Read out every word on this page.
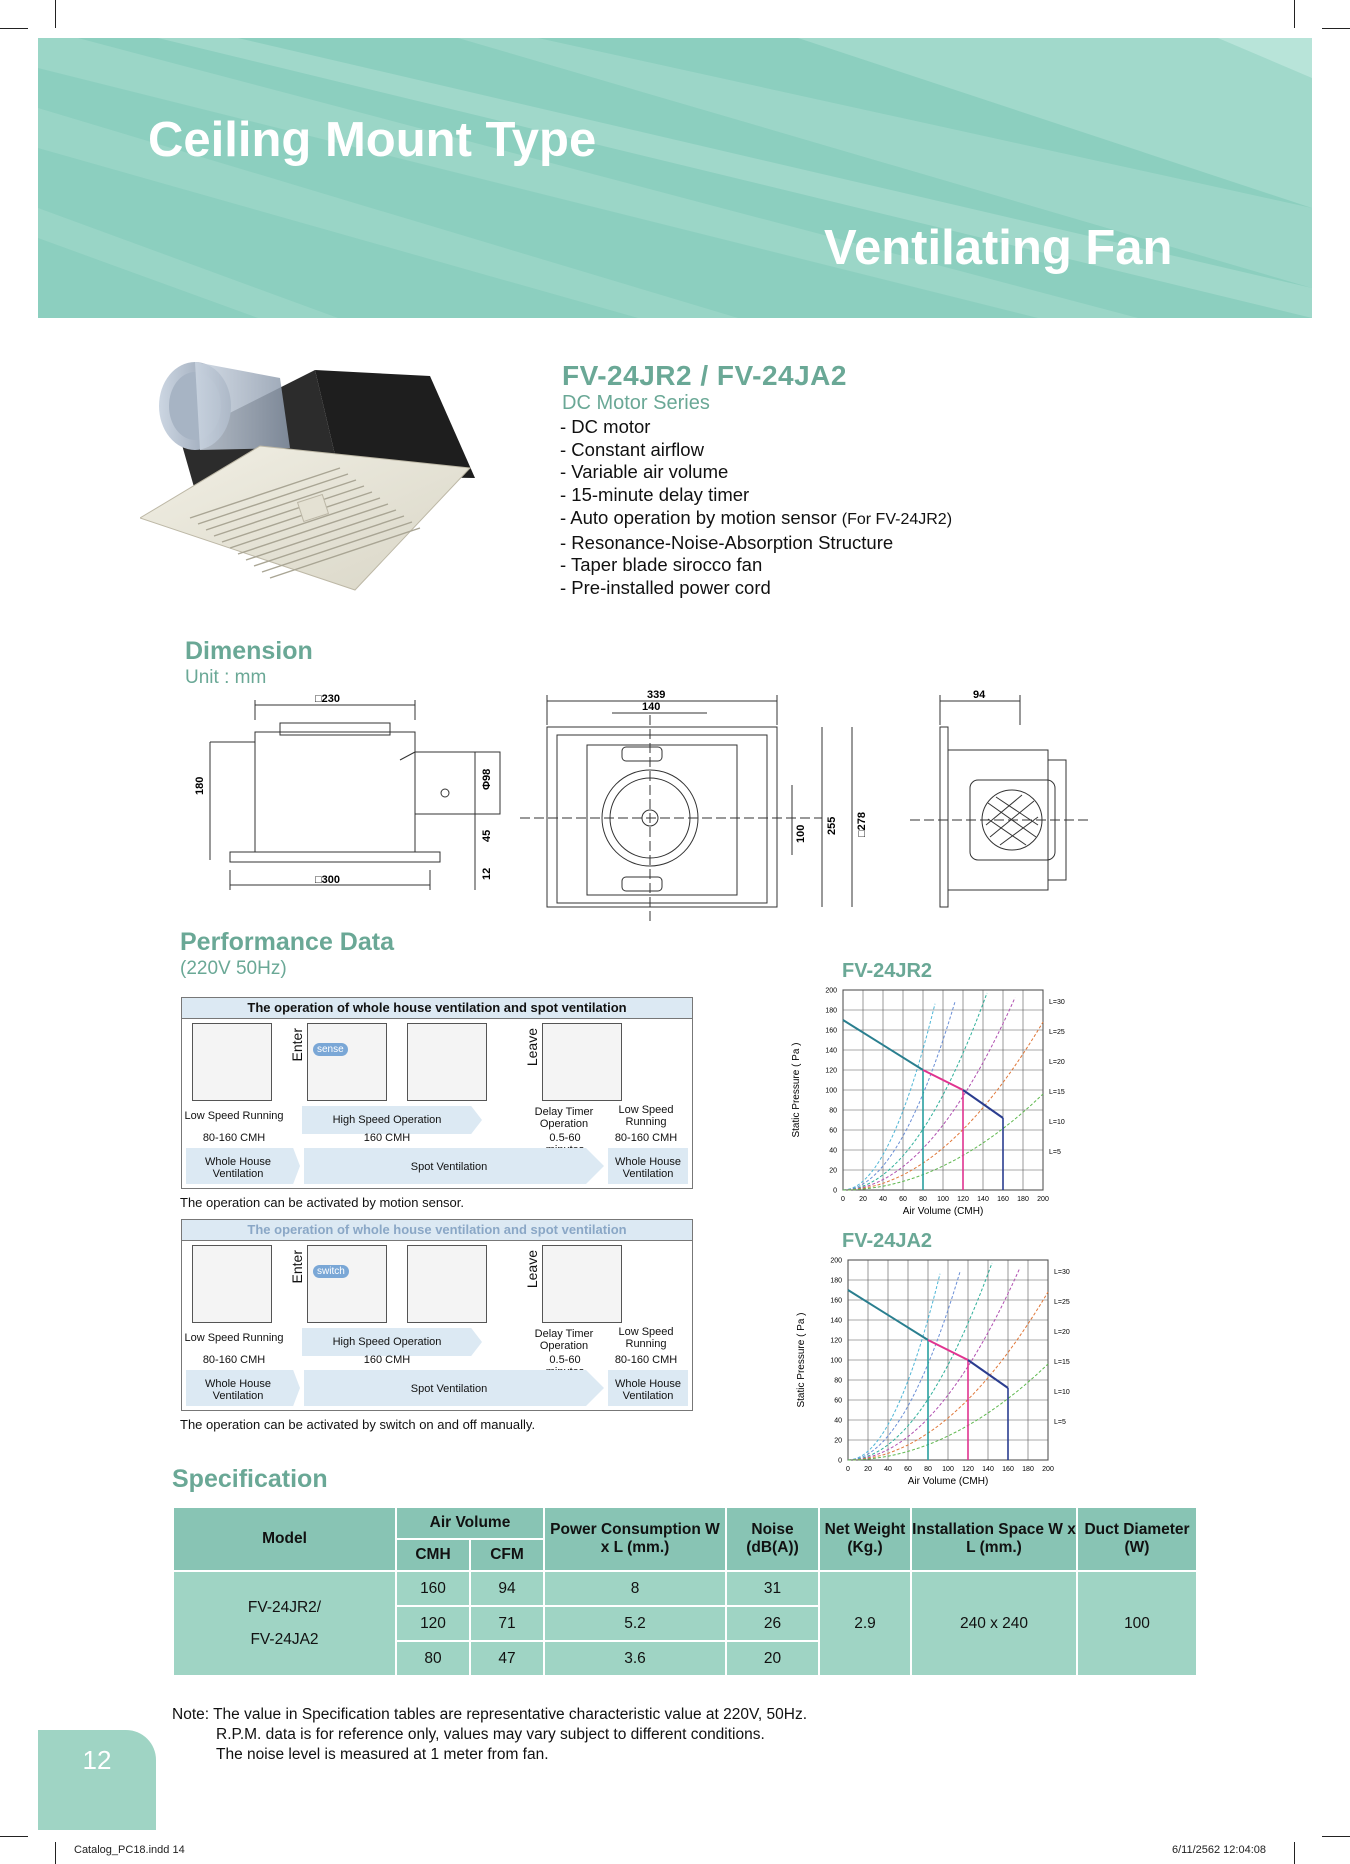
Ceiling Mount Type
Ventilating Fan
FV-24JR2 / FV-24JA2
DC Motor Series
- DC motor
- Constant airflow
- Variable air volume
- 15-minute delay timer
- Auto operation by motion sensor (For FV-24JR2)
- Resonance-Noise-Absorption Structure
- Taper blade sirocco fan
- Pre-installed power cord
Dimension
Unit : mm
□230
180	Φ98
45
12
□300
339
140
100 255 □278
94
Performance Data
(220V 50Hz)
The operation of whole house ventilation and spot ventilation
Enter	sense	Leave
Low Speed Running
80-160 CMH
High Speed Operation
160 CMH
Delay Timer Operation
0.5-60
Low Speed Running
80-160 CMH
Whole House Ventilation
Spot Ventilation	Whole House Ventilation
The operation can be activated by motion sensor.
The operation of whole house ventilation and spot ventilation
Enter	switch	Leave
Low Speed Running
80-160 CMH
High Speed Operation
160 CMH
Delay Timer Operation
0.5-60
Low Speed Running
80-160 CMH
Whole House Ventilation
Spot Ventilation	Whole House Ventilation
The operation can be activated by switch on and off manually.
FV-24JR2
0 20 40 60 80 100 120 140 160 180 200
0
20
40
60
80
100
120
140
160
180
200
L=30
L=25
L=20
L=15
L=10
L=5
Air Volume (CMH)
Static Pressure ( Pa )
FV-24JA2
0 20 40 60 80 100 120 140 160 180 200
0
20
40
60
80
100
120
140
160
180
200
L=30
L=25
L=20
L=15
L=10
L=5
Air Volume (CMH)
Static Pressure ( Pa )
Specification
Model	Air Volume		Power Consumption W x L (mm.)	Noise (dB(A))	Net Weight (Kg.)	Installation Space W x L (mm.)	Duct Diameter (W)
	CMH	CFM					

FV-24JR2/
FV-24JA2	160	94	8	31	2.9	240 x 240	100
	120	71	5.2	26			
	80	47	3.6	20			
Note: The value in Specification tables are representative characteristic value at 220V, 50Hz.
R.P.M. data is for reference only, values may vary subject to different conditions.
The noise level is measured at 1 meter from fan.
12
Catalog_PC18.indd 14	6/11/2562 12:04:08
